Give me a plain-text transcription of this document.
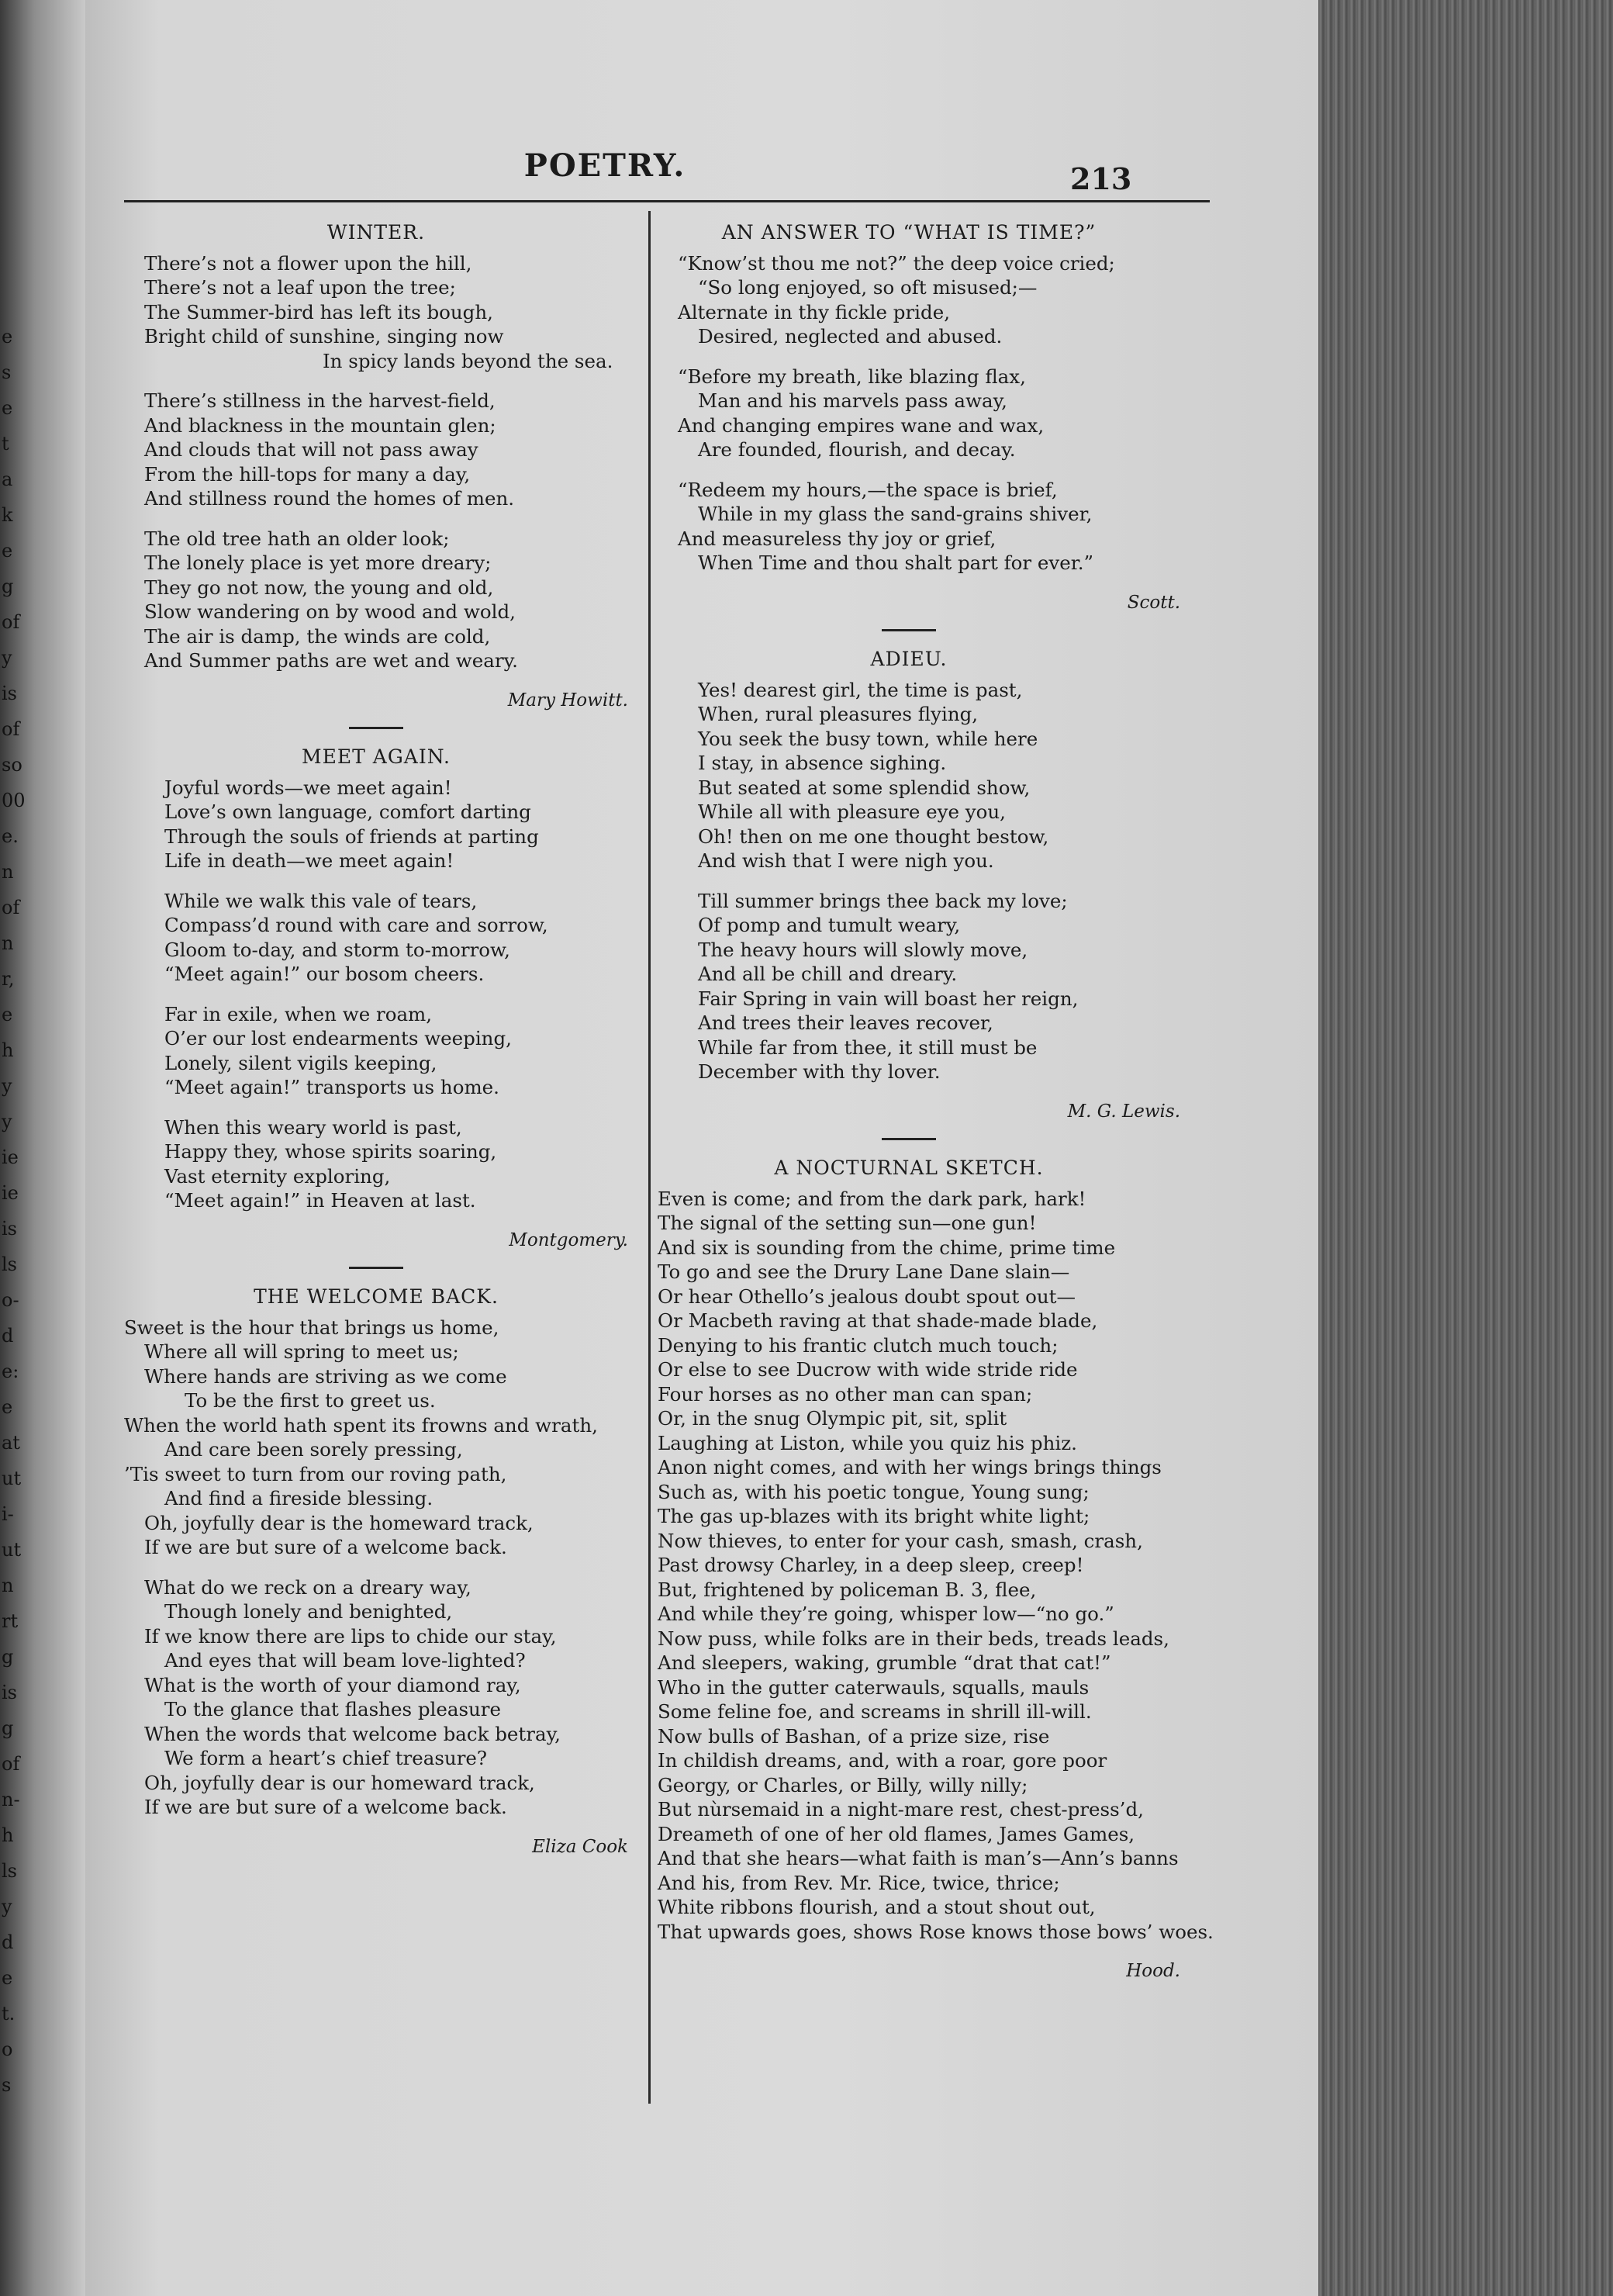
e
s
e
t
a
k
e
g
of
y
is
of
so
00
e.
n
of
n
r,
e
h
y
y
ie
ie
is
ls
o-
d
e:
e
at
ut
i-
ut
n
rt
g
is
g
of
n-
h
ls
y
d
e
t.
o
s
POETRY.	213
WINTER.
There’s not a flower upon the hill,
There’s not a leaf upon the tree;
The Summer-bird has left its bough,
Bright child of sunshine, singing now
In spicy lands beyond the sea.
There’s stillness in the harvest-field,
And blackness in the mountain glen;
And clouds that will not pass away
From the hill-tops for many a day,
And stillness round the homes of men.
The old tree hath an older look;
The lonely place is yet more dreary;
They go not now, the young and old,
Slow wandering on by wood and wold,
The air is damp, the winds are cold,
And Summer paths are wet and weary.
Mary Howitt.
MEET AGAIN.
Joyful words—we meet again!
Love’s own language, comfort darting
Through the souls of friends at parting
Life in death—we meet again!
While we walk this vale of tears,
Compass’d round with care and sorrow,
Gloom to-day, and storm to-morrow,
“Meet again!” our bosom cheers.
Far in exile, when we roam,
O’er our lost endearments weeping,
Lonely, silent vigils keeping,
“Meet again!” transports us home.
When this weary world is past,
Happy they, whose spirits soaring,
Vast eternity exploring,
“Meet again!” in Heaven at last.
Montgomery.
THE WELCOME BACK.
Sweet is the hour that brings us home,
Where all will spring to meet us;
Where hands are striving as we come
To be the first to greet us.
When the world hath spent its frowns and wrath,
And care been sorely pressing,
’Tis sweet to turn from our roving path,
And find a fireside blessing.
Oh, joyfully dear is the homeward track,
If we are but sure of a welcome back.
What do we reck on a dreary way,
Though lonely and benighted,
If we know there are lips to chide our stay,
And eyes that will beam love-lighted?
What is the worth of your diamond ray,
To the glance that flashes pleasure
When the words that welcome back betray,
We form a heart’s chief treasure?
Oh, joyfully dear is our homeward track,
If we are but sure of a welcome back.
Eliza Cook
AN ANSWER TO “WHAT IS TIME?”
“Know’st thou me not?” the deep voice cried;
“So long enjoyed, so oft misused;—
Alternate in thy fickle pride,
Desired, neglected and abused.
“Before my breath, like blazing flax,
Man and his marvels pass away,
And changing empires wane and wax,
Are founded, flourish, and decay.
“Redeem my hours,—the space is brief,
While in my glass the sand-grains shiver,
And measureless thy joy or grief,
When Time and thou shalt part for ever.”
Scott.
ADIEU.
Yes! dearest girl, the time is past,
When, rural pleasures flying,
You seek the busy town, while here
I stay, in absence sighing.
But seated at some splendid show,
While all with pleasure eye you,
Oh! then on me one thought bestow,
And wish that I were nigh you.
Till summer brings thee back my love;
Of pomp and tumult weary,
The heavy hours will slowly move,
And all be chill and dreary.
Fair Spring in vain will boast her reign,
And trees their leaves recover,
While far from thee, it still must be
December with thy lover.
M. G. Lewis.
A NOCTURNAL SKETCH.
Even is come; and from the dark park, hark!
The signal of the setting sun—one gun!
And six is sounding from the chime, prime time
To go and see the Drury Lane Dane slain—
Or hear Othello’s jealous doubt spout out—
Or Macbeth raving at that shade-made blade,
Denying to his frantic clutch much touch;
Or else to see Ducrow with wide stride ride
Four horses as no other man can span;
Or, in the snug Olympic pit, sit, split
Laughing at Liston, while you quiz his phiz.
Anon night comes, and with her wings brings things
Such as, with his poetic tongue, Young sung;
The gas up-blazes with its bright white light;
Now thieves, to enter for your cash, smash, crash,
Past drowsy Charley, in a deep sleep, creep!
But, frightened by policeman B. 3, flee,
And while they’re going, whisper low—“no go.”
Now puss, while folks are in their beds, treads leads,
And sleepers, waking, grumble “drat that cat!”
Who in the gutter caterwauls, squalls, mauls
Some feline foe, and screams in shrill ill-will.
Now bulls of Bashan, of a prize size, rise
In childish dreams, and, with a roar, gore poor
Georgy, or Charles, or Billy, willy nilly;
But nùrsemaid in a night-mare rest, chest-press’d,
Dreameth of one of her old flames, James Games,
And that she hears—what faith is man’s—Ann’s banns
And his, from Rev. Mr. Rice, twice, thrice;
White ribbons flourish, and a stout shout out,
That upwards goes, shows Rose knows those bows’ woes.
Hood.
